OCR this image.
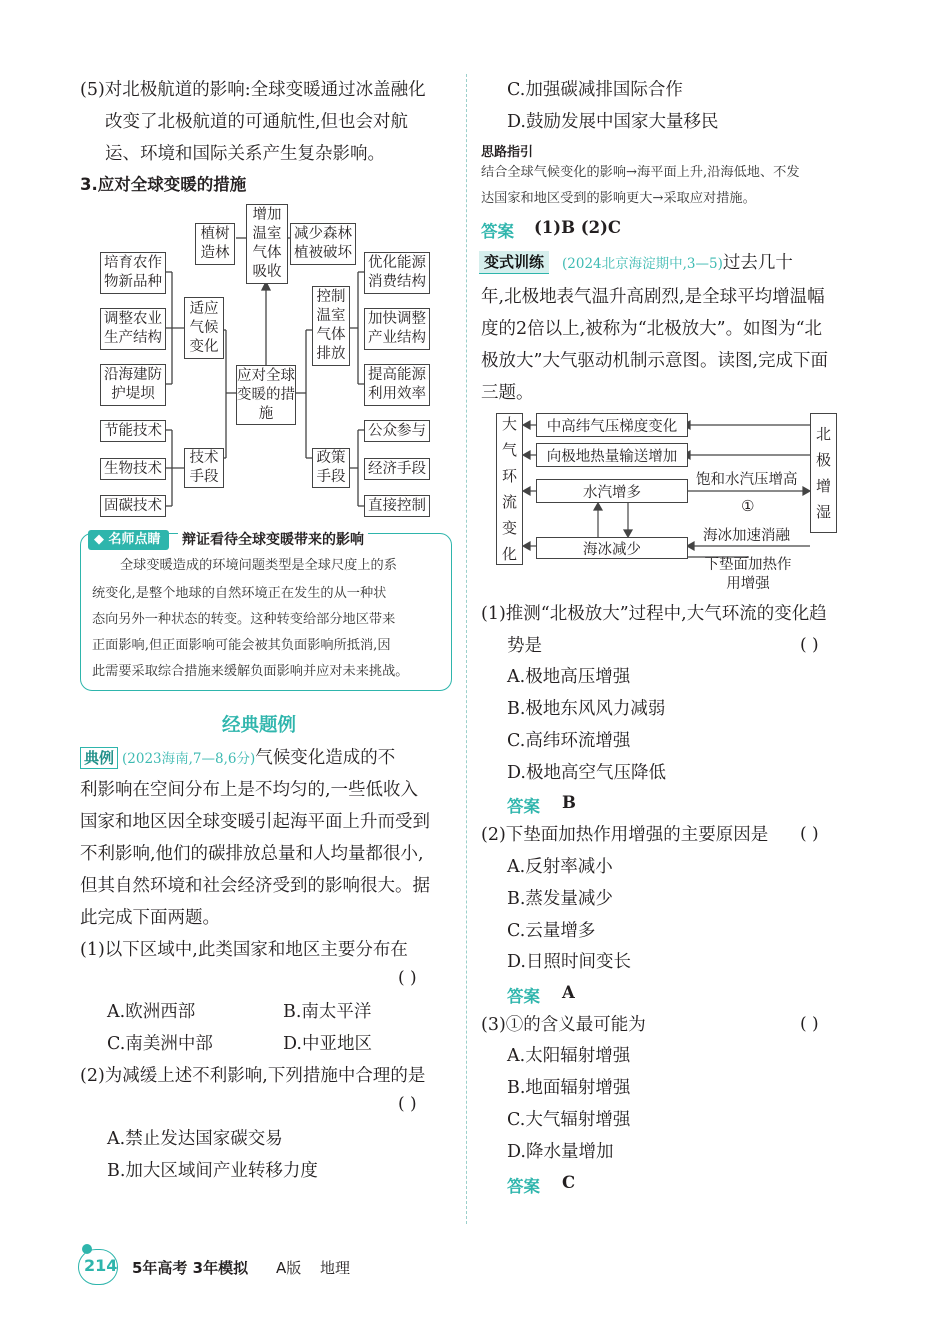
(5)对北极航道的影响:全球变暖通过冰盖融化
改变了北极航道的可通航性,但也会对航
运、环境和国际关系产生复杂影响。
3.应对全球变暖的措施
植树造林
增加温室气体吸收
减少森林植被破坏
应对全球变暖的措施
适应气候变化
培育农作物新品种
调整农业生产结构
沿海建防护堤坝
技术手段
节能技术
生物技术
固碳技术
控制温室气体排放
优化能源消费结构
加快调整产业结构
提高能源利用效率
政策手段
公众参与
经济手段
直接控制
◆ 名师点睛	辩证看待全球变暖带来的影响
全球变暖造成的环境问题类型是全球尺度上的系
统变化,是整个地球的自然环境正在发生的从一种状
态向另外一种状态的转变。这种转变给部分地区带来
正面影响,但正面影响可能会被其负面影响所抵消,因
此需要采取综合措施来缓解负面影响并应对未来挑战。
经典题例
典例 (2023海南,7—8,6分)气候变化造成的不
利影响在空间分布上是不均匀的,一些低收入
国家和地区因全球变暖引起海平面上升而受到
不利影响,他们的碳排放总量和人均量都很小,
但其自然环境和社会经济受到的影响很大。据
此完成下面两题。
(1)以下区域中,此类国家和地区主要分布在
( )
A.欧洲西部	B.南太平洋
C.南美洲中部	D.中亚地区
(2)为减缓上述不利影响,下列措施中合理的是
( )
A.禁止发达国家碳交易
B.加大区域间产业转移力度
214 5年高考 3年模拟 A版 地理
C.加强碳减排国际合作
D.鼓励发展中国家大量移民
思路指引
结合全球气候变化的影响→海平面上升,沿海低地、不发
达国家和地区受到的影响更大→采取应对措施。
答案 (1)B (2)C
变式训练	(2024北京海淀期中,3—5)过去几十
年,北极地表气温升高剧烈,是全球平均增温幅
度的2倍以上,被称为“北极放大”。如图为“北
极放大”大气驱动机制示意图。读图,完成下面
三题。
大气环流变化
北极增湿
中高纬气压梯度变化
向极地热量输送增加
水汽增多
海冰减少
饱和水汽压增高
①
海冰加速消融
下垫面加热作用增强
(1)推测“北极放大”过程中,大气环流的变化趋
势是	( )
A.极地高压增强
B.极地东风风力减弱
C.高纬环流增强
D.极地高空气压降低
答案 B
(2)下垫面加热作用增强的主要原因是 ( )
A.反射率减小
B.蒸发量减少
C.云量增多
D.日照时间变长
答案 A
(3)①的含义最可能为	( )
A.太阳辐射增强
B.地面辐射增强
C.大气辐射增强
D.降水量增加
答案 C
